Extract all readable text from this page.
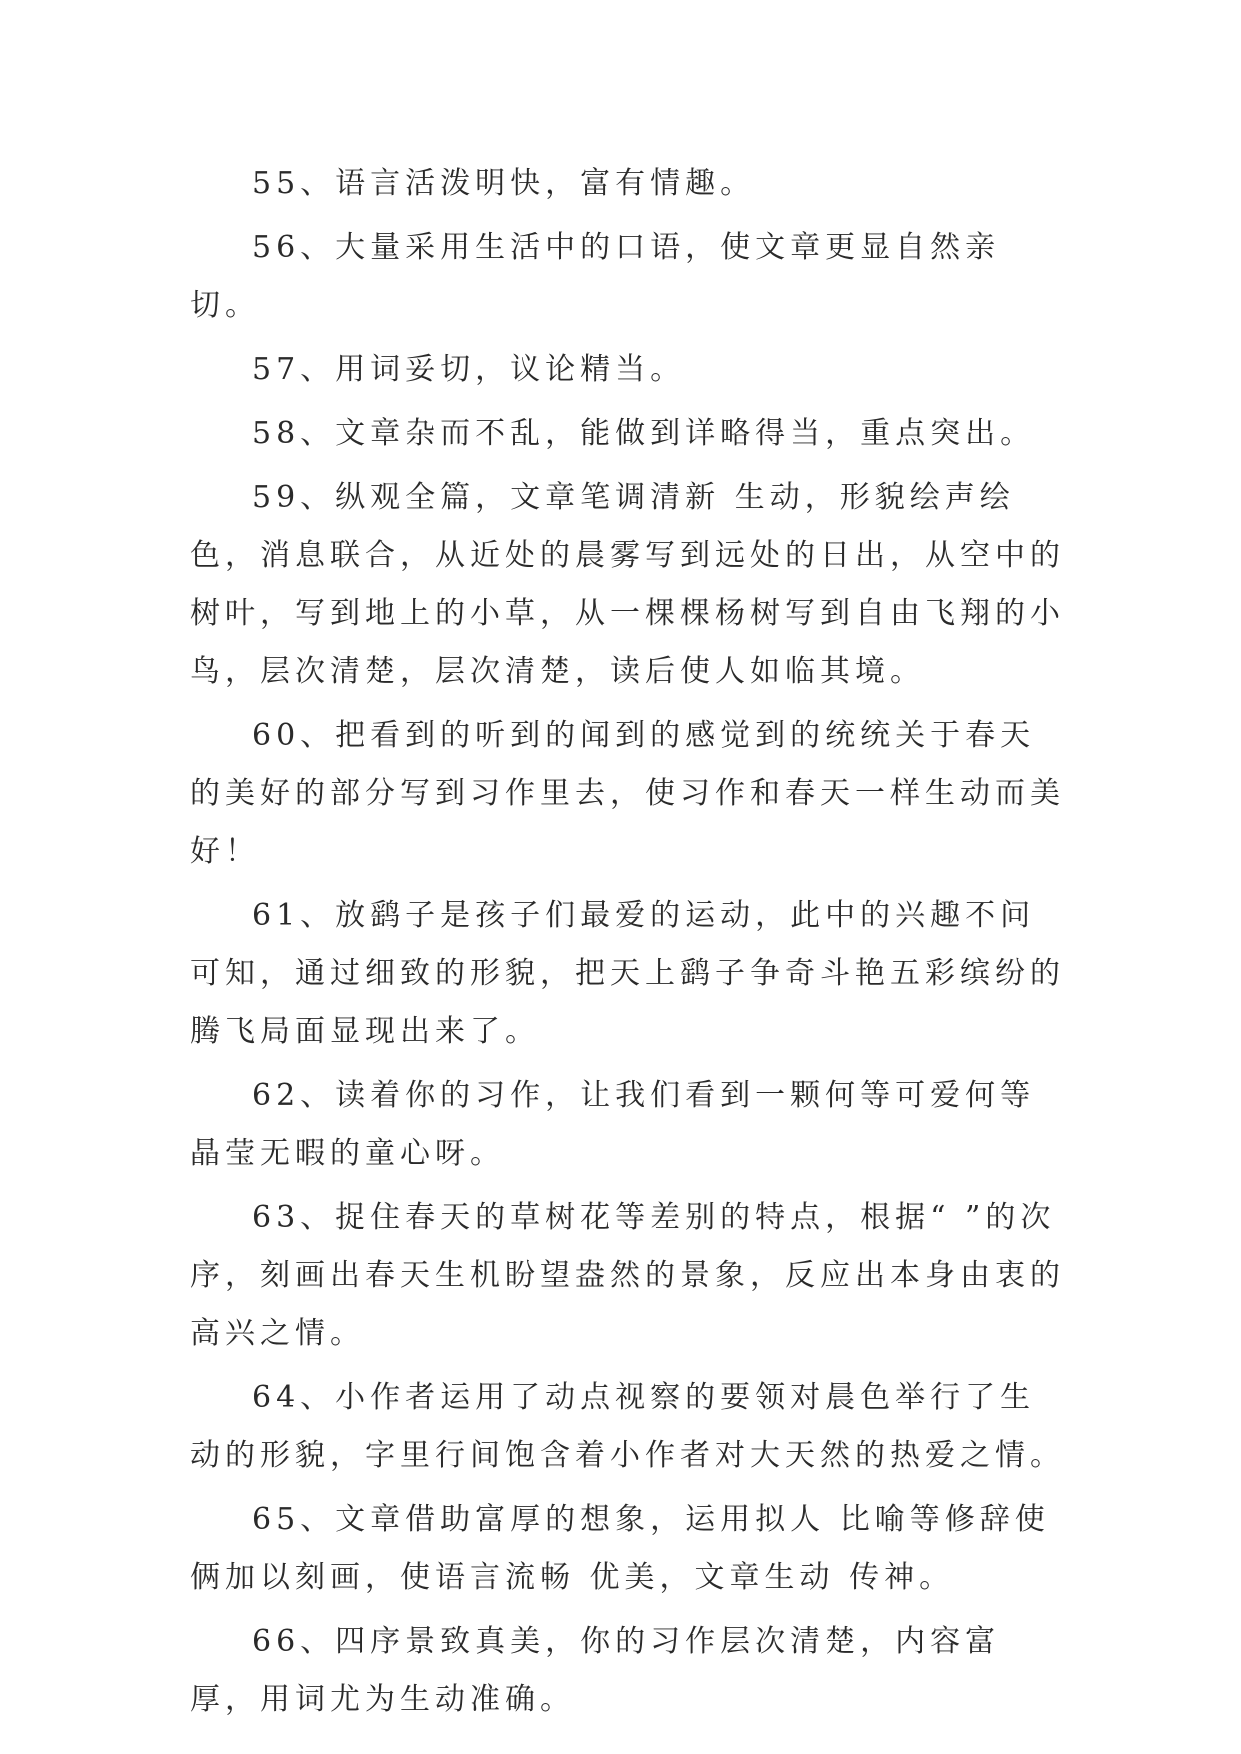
55、语言活泼明快，富有情趣。

56、大量采用生活中的口语，使文章更显自然亲切。

57、用词妥切，议论精当。

58、文章杂而不乱，能做到详略得当，重点突出。

59、纵观全篇，文章笔调清新 生动，形貌绘声绘色，消息联合，从近处的晨雾写到远处的日出，从空中的树叶，写到地上的小草，从一棵棵杨树写到自由飞翔的小鸟，层次清楚，层次清楚，读后使人如临其境。

60、把看到的听到的闻到的感觉到的统统关于春天的美好的部分写到习作里去，使习作和春天一样生动而美好！

61、放鹞子是孩子们最爱的运动，此中的兴趣不问可知，通过细致的形貌，把天上鹞子争奇斗艳五彩缤纷的腾飞局面显现出来了。

62、读着你的习作，让我们看到一颗何等可爱何等晶莹无暇的童心呀。

63、捉住春天的草树花等差别的特点，根据“ ”的次序，刻画出春天生机盼望盎然的景象，反应出本身由衷的高兴之情。

64、小作者运用了动点视察的要领对晨色举行了生动的形貌，字里行间饱含着小作者对大天然的热爱之情。

65、文章借助富厚的想象，运用拟人 比喻等修辞使俩加以刻画，使语言流畅 优美，文章生动 传神。

66、四序景致真美，你的习作层次清楚，内容富厚，用词尤为生动准确。
